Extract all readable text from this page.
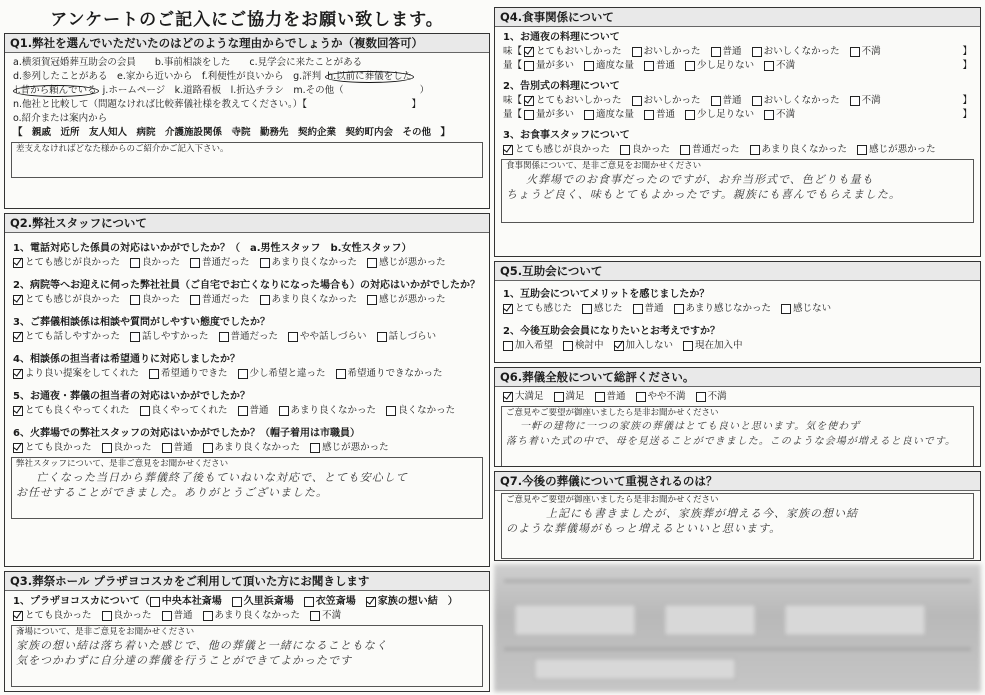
アンケートのご記入にご協力をお願い致します。
Q1.弊社を選んでいただいたのはどのような理由からでしょうか（複数回答可）
a.横須賀冠婚葬互助会の会員　　b.事前相談をした　　c.見学会に来たことがある
d.参列したことがある　e.家から近いから　f.利便性が良いから　g.評判 h.以前に葬儀をした
i.昔から頼んでいる j.ホームページ　k.道路看板　l.折込チラシ　m.その他（　　　　　　　　）
n.他社と比較して（問題なければ比較葬儀社様を教えてください。）【　　　　　　　　　　　】
o.紹介または案内から
【　親戚　近所　友人知人　病院　介護施設関係　寺院　勤務先　契約企業　契約町内会　その他　】
差支えなければどなた様からのご紹介かご記入下さい。
Q2.弊社スタッフについて
1、電話対応した係員の対応はいかがでしたか？（　a.男性スタッフ　b.女性スタッフ）
とても感じが良かった 良かった 普通だった あまり良くなかった 感じが悪かった
2、病院等へお迎えに伺った弊社社員（ご自宅でお亡くなりになった場合も）の対応はいかがでしたか？
とても感じが良かった 良かった 普通だった あまり良くなかった 感じが悪かった
3、ご葬儀相談係は相談や質問がしやすい態度でしたか？
とても話しやすかった 話しやすかった 普通だった やや話しづらい 話しづらい
4、相談係の担当者は希望通りに対応しましたか？
より良い提案をしてくれた 希望通りできた 少し希望と違った 希望通りできなかった
5、お通夜・葬儀の担当者の対応はいかがでしたか？
とても良くやってくれた 良くやってくれた 普通 あまり良くなかった 良くなかった
6、火葬場での弊社スタッフの対応はいかがでしたか？（帽子着用は市職員）
とても良かった 良かった 普通 あまり良くなかった 感じが悪かった
弊社スタッフについて、是非ご意見をお聞かせください
亡くなった当日から葬儀終了後もていねいな対応で、とても安心して
お任せすることができました。ありがとうございました。
Q3.葬祭ホール プラザヨコスカをご利用して頂いた方にお聞きします
1、プラザヨコスカについて（ 中央本社斎場 久里浜斎場 衣笠斎場 家族の想い結 ）
とても良かった 良かった 普通 あまり良くなかった 不満
斎場について、是非ご意見をお聞かせください
家族の想い結は落ち着いた感じで、他の葬儀と一緒になることもなく
気をつかわずに自分達の葬儀を行うことができてよかったです
Q4.食事関係について
1、お通夜の料理について
味【 とてもおいしかった おいしかった 普通 おいしくなかった 不満	】
量【 量が多い 適度な量 普通 少し足りない 不満	】
2、告別式の料理について
味【 とてもおいしかった おいしかった 普通 おいしくなかった 不満	】
量【 量が多い 適度な量 普通 少し足りない 不満	】
3、お食事スタッフについて
とても感じが良かった 良かった 普通だった あまり良くなかった 感じが悪かった
食事関係について、是非ご意見をお聞かせください
火葬場でのお食事だったのですが、お弁当形式で、色どりも量も
ちょうど良く、味もとてもよかったです。親族にも喜んでもらえました。
Q5.互助会について
1、互助会についてメリットを感じましたか？
とても感じた 感じた 普通 あまり感じなかった 感じない
2、今後互助会会員になりたいとお考えですか？
加入希望 検討中 加入しない 現在加入中
Q6.葬儀全般について総評ください。
大満足 満足 普通 やや不満 不満
ご意見やご要望が御座いましたら是非お聞かせください
一軒の建物に一つの家族の葬儀はとても良いと思います。気を使わず
落ち着いた式の中で、母を見送ることができました。このような会場が増えると良いです。
Q7.今後の葬儀について重視されるのは？
ご意見やご要望が御座いましたら是非お聞かせください
上記にも書きましたが、家族葬が増える今、家族の想い結
のような葬儀場がもっと増えるといいと思います。
